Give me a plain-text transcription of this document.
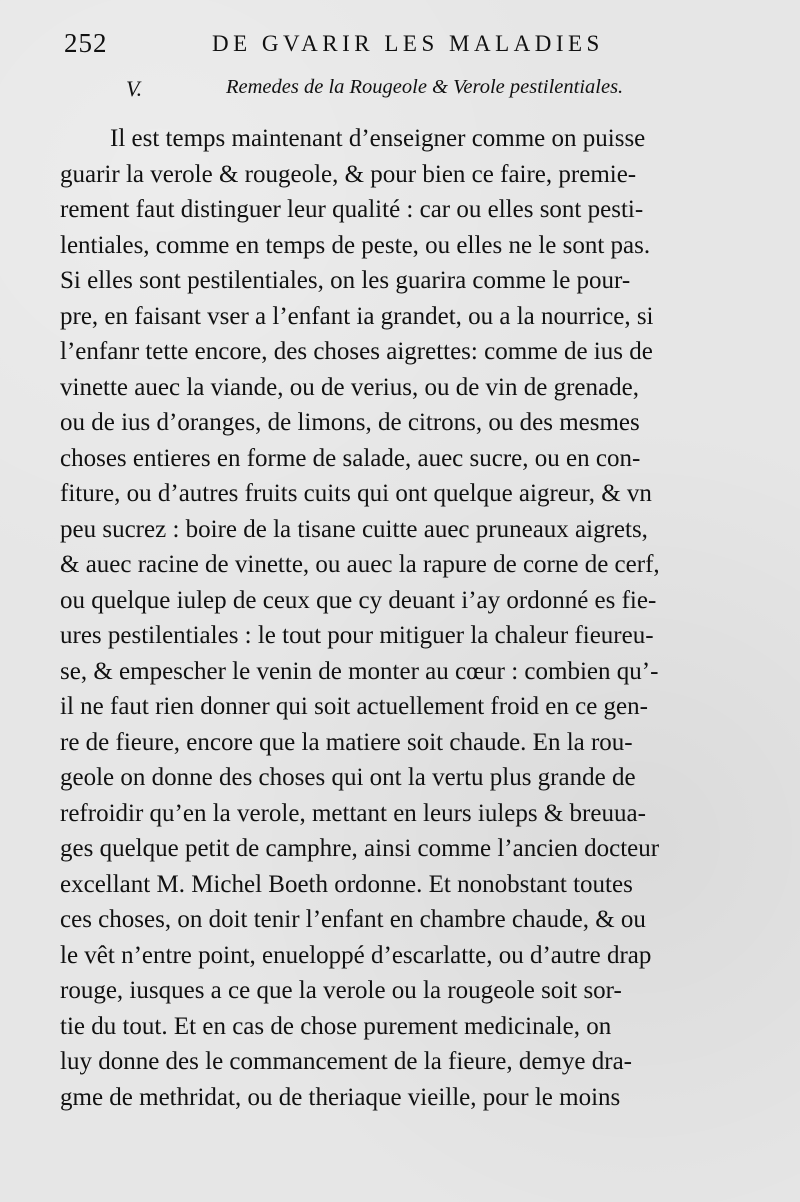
252	DE GVARIR LES MALADIES
V.	Remedes de la Rougeole & Verole pestilentiales.
Il est temps maintenant d’enseigner comme on puisse
guarir la verole & rougeole, & pour bien ce faire, premie-
rement faut distinguer leur qualité : car ou elles sont pesti-
lentiales, comme en temps de peste, ou elles ne le sont pas.
Si elles sont pestilentiales, on les guarira comme le pour-
pre, en faisant vser a l’enfant ia grandet, ou a la nourrice, si
l’enfanr tette encore, des choses aigrettes: comme de ius de
vinette auec la viande, ou de verius, ou de vin de grenade,
ou de ius d’oranges, de limons, de citrons, ou des mesmes
choses entieres en forme de salade, auec sucre, ou en con-
fiture, ou d’autres fruits cuits qui ont quelque aigreur, & vn
peu sucrez : boire de la tisane cuitte auec pruneaux aigrets,
& auec racine de vinette, ou auec la rapure de corne de cerf,
ou quelque iulep de ceux que cy deuant i’ay ordonné es fie-
ures pestilentiales : le tout pour mitiguer la chaleur fieureu-
se, & empescher le venin de monter au cœur : combien qu’-
il ne faut rien donner qui soit actuellement froid en ce gen-
re de fieure, encore que la matiere soit chaude. En la rou-
geole on donne des choses qui ont la vertu plus grande de
refroidir qu’en la verole, mettant en leurs iuleps & breuua-
ges quelque petit de camphre, ainsi comme l’ancien docteur
excellant M. Michel Boeth ordonne. Et nonobstant toutes
ces choses, on doit tenir l’enfant en chambre chaude, & ou
le vêt n’entre point, enueloppé d’escarlatte, ou d’autre drap
rouge, iusques a ce que la verole ou la rougeole soit sor-
tie du tout. Et en cas de chose purement medicinale, on
luy donne des le commancement de la fieure, demye dra-
gme de methridat, ou de theriaque vieille, pour le moins
